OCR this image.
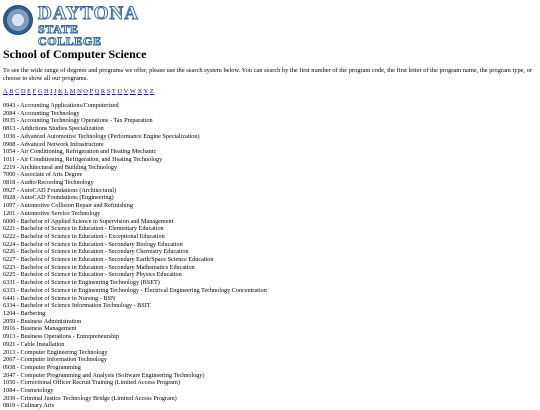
DAYTONA
STATE COLLEGE
School of Computer Science

To see the wide range of degrees and programs we offer, please use the search system below. You can search by the first number of the program code, the first letter of the program name, the program type, or choose to show all our programs.

A B C D E F G H I J K L M N O P Q R S T U V W X Y Z
0943 - Accounting Applications/Computerized
2084 - Accounting Technology
0935 - Accounting Technology Operations - Tax Preparation
0813 - Addictions Studies Specialization
1036 - Advanced Automotive Technology (Performance Engine Specialization)
0908 - Advanced Network Infrastructure
1054 - Air Conditioning, Refrigeration and Heating Mechanic
1011 - Air Conditioning, Refrigeration, and Heating Technology
2219 - Architectural and Building Technology
7000 - Associate of Arts Degree
0818 - Audio/Recording Technology
0927 - AutoCAD Foundations (Architectural)
0928 - AutoCAD Foundations (Engineering)
1097 - Automotive Collision Repair and Refinishing
1201 - Automotive Service Technology
6000 - Bachelor of Applied Science in Supervision and Management
6221 - Bachelor of Science in Education - Elementary Education
6222 - Bachelor of Science in Education - Exceptional Education
6224 - Bachelor of Science in Education - Secondary Biology Education
6226 - Bachelor of Science in Education - Secondary Chemistry Education
6227 - Bachelor of Science in Education - Secondary Earth/Space Science Education
6223 - Bachelor of Science in Education - Secondary Mathematics Education
6225 - Bachelor of Science in Education - Secondary Physics Education
6331 - Bachelor of Science in Engineering Technology (BSET)
6333 - Bachelor of Science in Engineering Technology - Electrical Engineering Technology Concentration
6441 - Bachelor of Science in Nursing - BSN
6334 - Bachelor of Science Information Technology - BSIT
1204 - Barbering
2059 - Business Administration
0916 - Business Management
0913 - Business Operations - Entrepreneurship
0921 - Cable Installation
2013 - Computer Engineering Technology
2067 - Computer Information Technology
0938 - Computer Programming
2047 - Computer Programming and Analysis (Software Engineering Technology)
1050 - Correctional Officer Recruit Training (Limited Access Program)
1084 - Cosmetology
2039 - Criminal Justice Technology Bridge (Limited Access Program)
0819 - Culinary Arts
